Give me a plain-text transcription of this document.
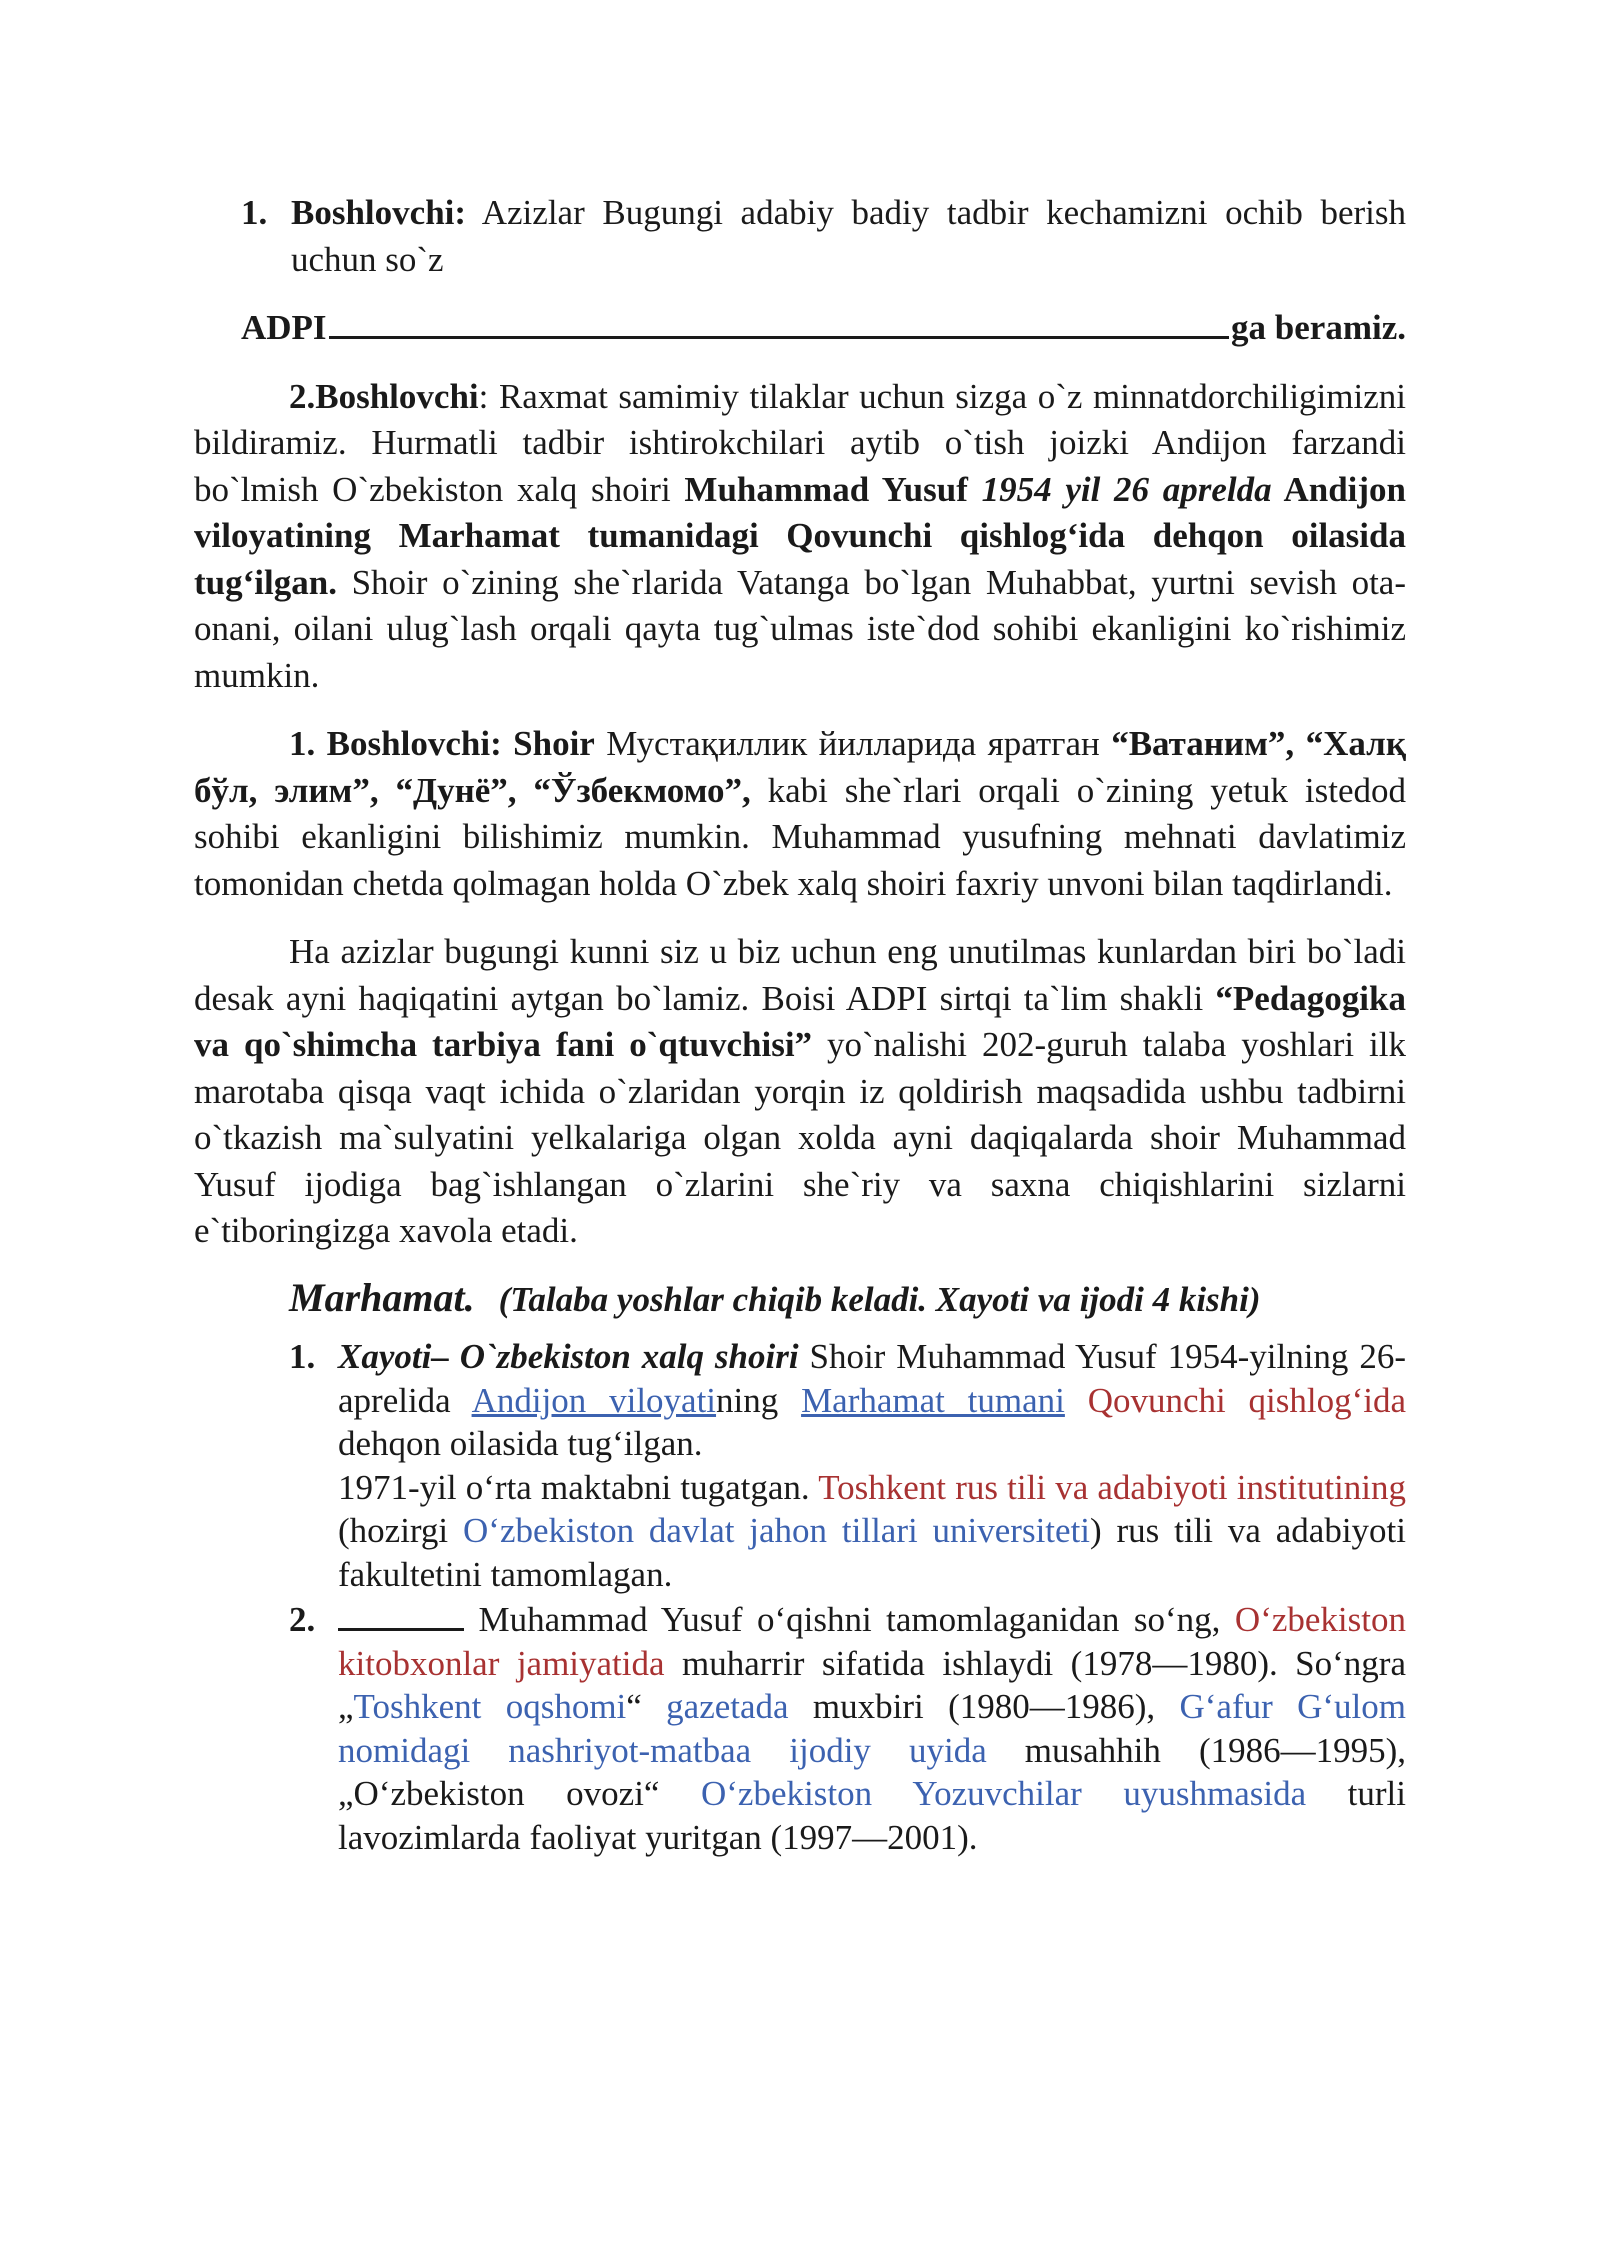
1. Boshlovchi: Azizlar Bugungi adabiy badiy tadbir kechamizni ochib berish uchun so`z

ADPI	ga beramiz.

2.Boshlovchi: Raxmat samimiy tilaklar uchun sizga o`z minnatdorchiligimizni bildiramiz. Hurmatli tadbir ishtirokchilari aytib o`tish joizki Andijon farzandi bo`lmish O`zbekiston xalq shoiri Muhammad Yusuf 1954 yil 26 aprelda Andijon viloyatining Marhamat tumanidagi Qovunchi qishlog‘ida dehqon oilasida tug‘ilgan. Shoir o`zining she`rlarida Vatanga bo`lgan Muhabbat, yurtni sevish ota-onani, oilani ulug`lash orqali qayta tug`ulmas iste`dod sohibi ekanligini ko`rishimiz mumkin.

1. Boshlovchi: Shoir Мустақиллик йилларида яратган “Ватаним”, “Халқ бўл, элим”, “Дунё”, “Ўзбекмомо”, kabi she`rlari orqali o`zining yetuk istedod sohibi ekanligini bilishimiz mumkin. Muhammad yusufning mehnati davlatimiz tomonidan chetda qolmagan holda O`zbek xalq shoiri faxriy unvoni bilan taqdirlandi.

Ha azizlar bugungi kunni siz u biz uchun eng unutilmas kunlardan biri bo`ladi desak ayni haqiqatini aytgan bo`lamiz. Boisi ADPI sirtqi ta`lim shakli “Pedagogika va qo`shimcha tarbiya fani o`qtuvchisi” yo`nalishi 202-guruh talaba yoshlari ilk marotaba qisqa vaqt ichida o`zlaridan yorqin iz qoldirish maqsadida ushbu tadbirni o`tkazish ma`sulyatini yelkalariga olgan xolda ayni daqiqalarda shoir Muhammad Yusuf ijodiga bag`ishlangan o`zlarini she`riy va saxna chiqishlarini sizlarni e`tiboringizga xavola etadi.

Marhamat. (Talaba yoshlar chiqib keladi. Xayoti va ijodi 4 kishi)

1. Xayoti– O`zbekiston xalq shoiri Shoir Muhammad Yusuf 1954-yilning 26-aprelida Andijon viloyatining Marhamat tumani Qovunchi qishlog‘ida dehqon oilasida tug‘ilgan.
1971-yil o‘rta maktabni tugatgan. Toshkent rus tili va adabiyoti institutining (hozirgi O‘zbekiston davlat jahon tillari universiteti) rus tili va adabiyoti fakultetini tamomlagan.

2.	Muhammad Yusuf o‘qishni tamomlaganidan so‘ng, O‘zbekiston kitobxonlar jamiyatida muharrir sifatida ishlaydi (1978—1980). So‘ngra „Toshkent oqshomi“ gazetada muxbiri (1980—1986), G‘afur G‘ulom nomidagi nashriyot-matbaa ijodiy uyida musahhih (1986—1995), „O‘zbekiston ovozi“ O‘zbekiston Yozuvchilar uyushmasida turli lavozimlarda faoliyat yuritgan (1997—2001).
